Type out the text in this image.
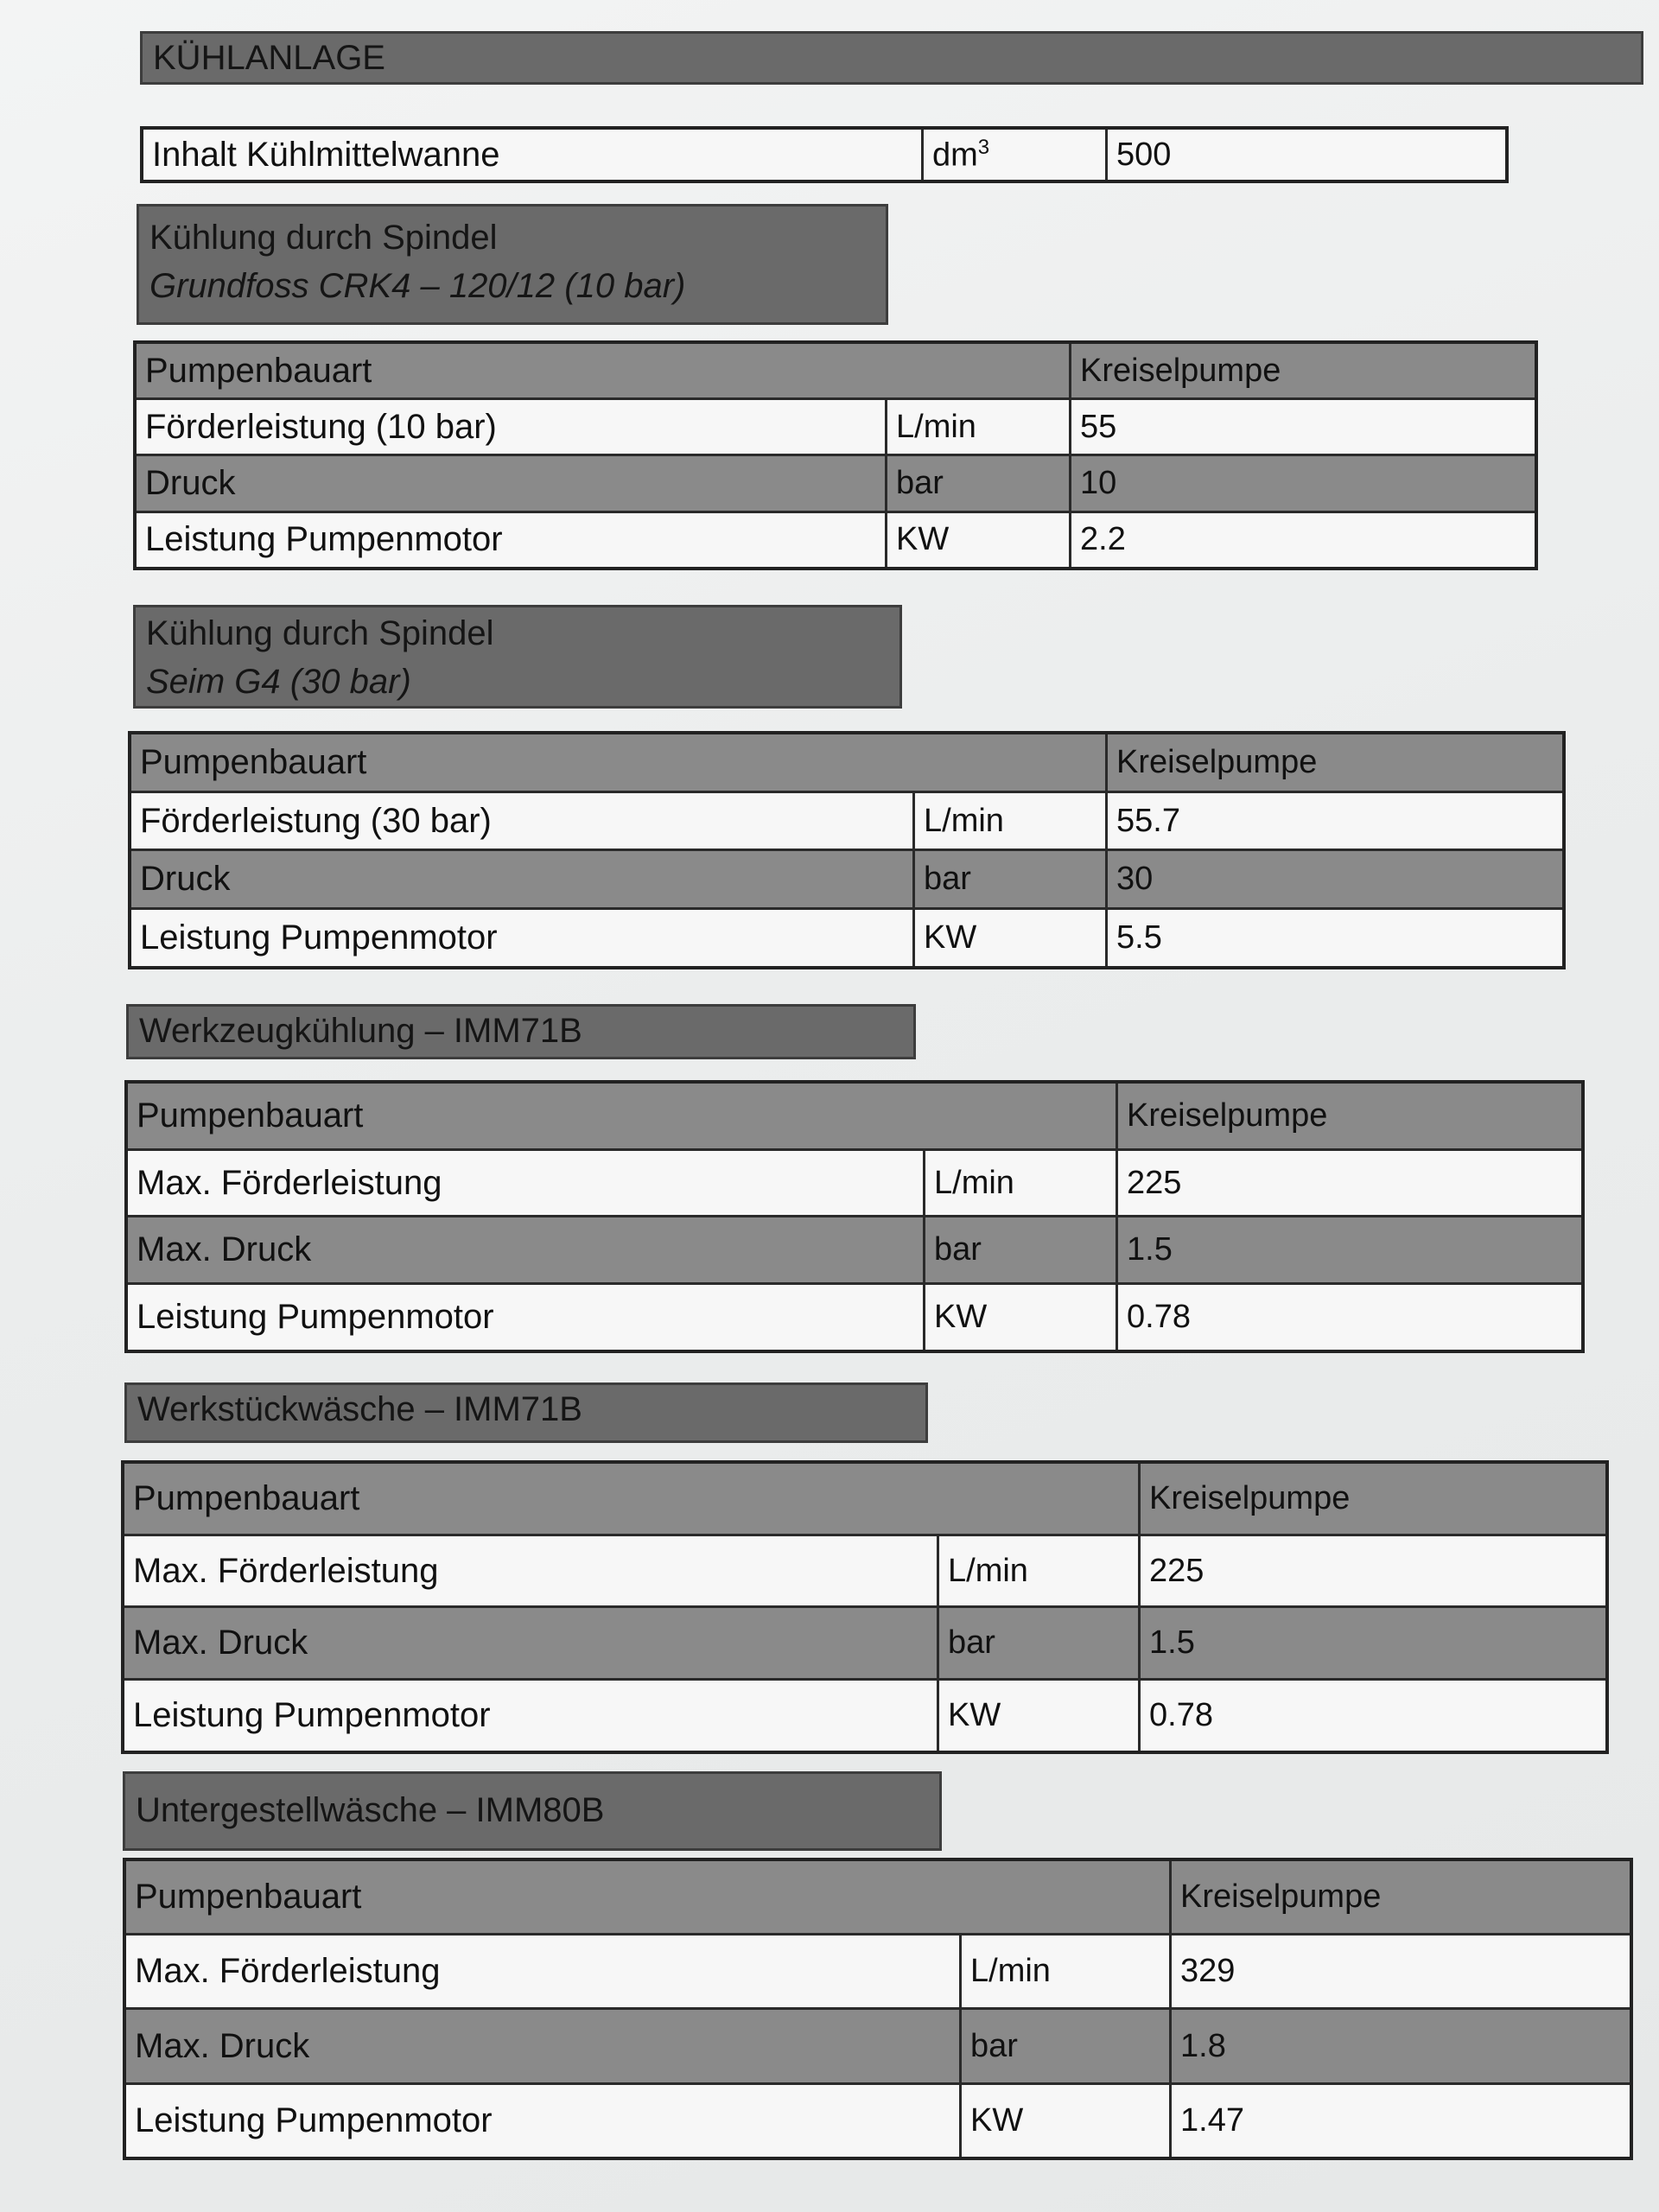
KÜHLANLAGE
Inhalt Kühlmittelwanne	$dm^3$	500
Kühlung durch Spindel
Grundfoss CRK4 – 120/12 (10 bar)
Pumpenbauart		Kreiselpumpe
Förderleistung (10 bar)	L/min	55
Druck	bar	10
Leistung Pumpenmotor	KW	2.2
Kühlung durch Spindel
Seim G4 (30 bar)
Pumpenbauart		Kreiselpumpe
Förderleistung (30 bar)	L/min	55.7
Druck	bar	30
Leistung Pumpenmotor	KW	5.5
Werkzeugkühlung – IMM71B
Pumpenbauart		Kreiselpumpe
Max. Förderleistung	L/min	225
Max. Druck	bar	1.5
Leistung Pumpenmotor	KW	0.78
Werkstückwäsche – IMM71B
Pumpenbauart		Kreiselpumpe
Max. Förderleistung	L/min	225
Max. Druck	bar	1.5
Leistung Pumpenmotor	KW	0.78
Untergestellwäsche – IMM80B
Pumpenbauart		Kreiselpumpe
Max. Förderleistung	L/min	329
Max. Druck	bar	1.8
Leistung Pumpenmotor	KW	1.47
